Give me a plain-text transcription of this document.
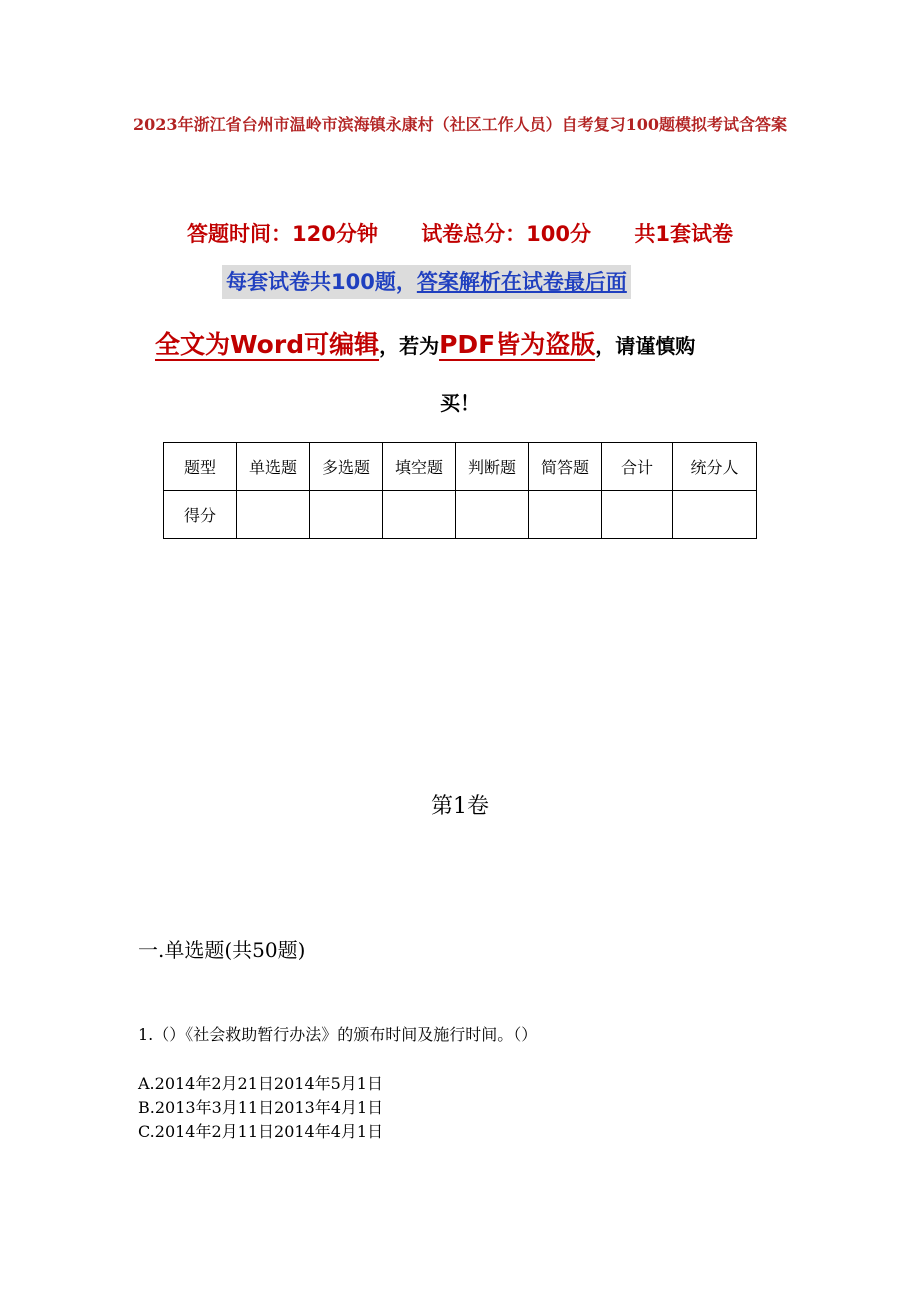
2023年浙江省台州市温岭市滨海镇永康村（社区工作人员）自考复习100题模拟考试含答案
答题时间：120分钟 试卷总分：100分 共1套试卷
每套试卷共100题，答案解析在试卷最后面
全文为Word可编辑，若为PDF皆为盗版，请谨慎购
买！
题型	单选题	多选题	填空题	判断题	简答题	合计	统分人
得分							
第1卷
一.单选题(共50题)
1.（）《社会救助暂行办法》的颁布时间及施行时间。（）
A.2014年2月21日2014年5月1日
B.2013年3月11日2013年4月1日
C.2014年2月11日2014年4月1日
